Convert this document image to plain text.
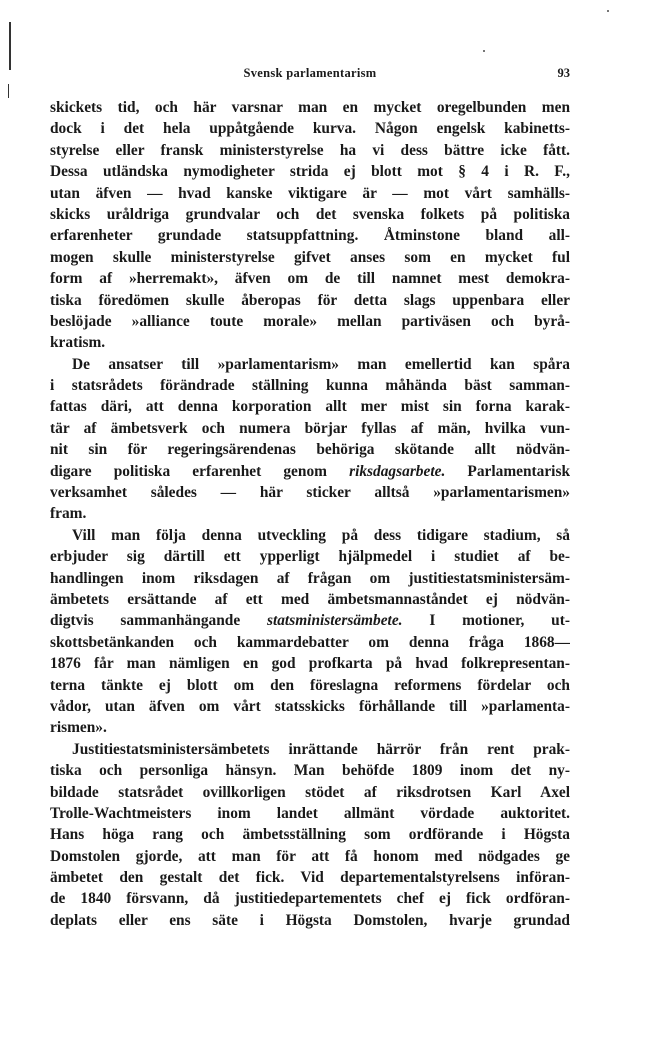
Svensk parlamentarism	93
skickets tid, och här varsnar man en mycket oregelbunden men
dock i det hela uppåtgående kurva. Någon engelsk kabinetts-
styrelse eller fransk ministerstyrelse ha vi dess bättre icke fått.
Dessa utländska nymodigheter strida ej blott mot § 4 i R. F.,
utan äfven — hvad kanske viktigare är — mot vårt samhälls-
skicks uråldriga grundvalar och det svenska folkets på politiska
erfarenheter grundade statsuppfattning. Åtminstone bland all-
mogen skulle ministerstyrelse gifvet anses som en mycket ful
form af »herremakt», äfven om de till namnet mest demokra-
tiska föredömen skulle åberopas för detta slags uppenbara eller
beslöjade »alliance toute morale» mellan partiväsen och byrå-
kratism.
De ansatser till »parlamentarism» man emellertid kan spåra
i statsrådets förändrade ställning kunna måhända bäst samman-
fattas däri, att denna korporation allt mer mist sin forna karak-
tär af ämbetsverk och numera börjar fyllas af män, hvilka vun-
nit sin för regeringsärendenas behöriga skötande allt nödvän-
digare politiska erfarenhet genom riksdagsarbete. Parlamentarisk
verksamhet således — här sticker alltså »parlamentarismen»
fram.
Vill man följa denna utveckling på dess tidigare stadium, så
erbjuder sig därtill ett ypperligt hjälpmedel i studiet af be-
handlingen inom riksdagen af frågan om justitiestatsministersäm-
ämbetets ersättande af ett med ämbetsmannaståndet ej nödvän-
digtvis sammanhängande statsministersämbete. I motioner, ut-
skottsbetänkanden och kammardebatter om denna fråga 1868—
1876 får man nämligen en god profkarta på hvad folkrepresentan-
terna tänkte ej blott om den föreslagna reformens fördelar och
vådor, utan äfven om vårt statsskicks förhållande till »parlamenta-
rismen».
Justitiestatsministersämbetets inrättande härrör från rent prak-
tiska och personliga hänsyn. Man behöfde 1809 inom det ny-
bildade statsrådet ovillkorligen stödet af riksdrotsen Karl Axel
Trolle-Wachtmeisters inom landet allmänt vördade auktoritet.
Hans höga rang och ämbetsställning som ordförande i Högsta
Domstolen gjorde, att man för att få honom med nödgades ge
ämbetet den gestalt det fick. Vid departementalstyrelsens införan-
de 1840 försvann, då justitiedepartementets chef ej fick ordföran-
deplats eller ens säte i Högsta Domstolen, hvarje grundad
